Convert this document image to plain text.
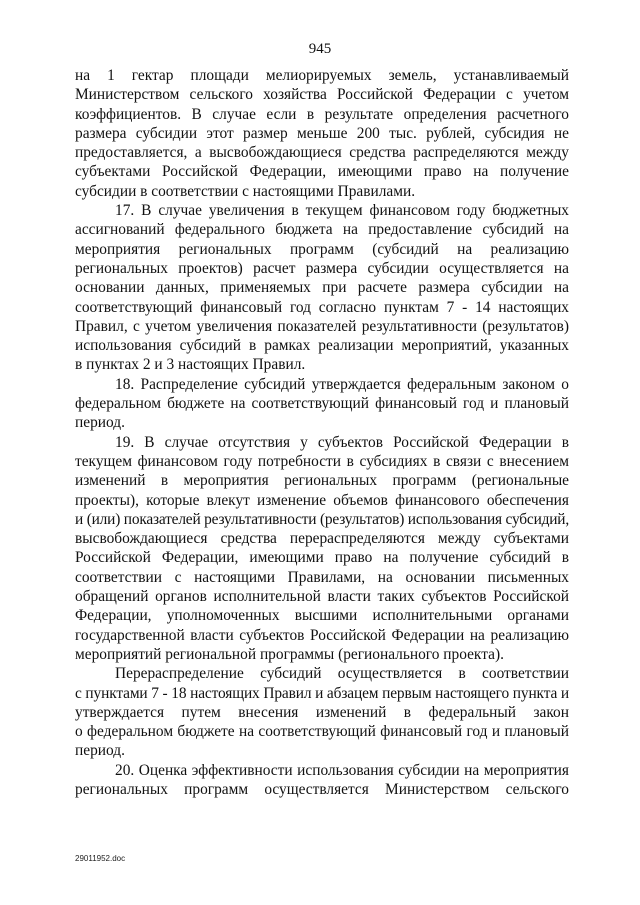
945
на 1 гектар площади мелиорируемых земель, устанавливаемый
Министерством сельского хозяйства Российской Федерации с учетом
коэффициентов. В случае если в результате определения расчетного
размера субсидии этот размер меньше 200 тыс. рублей, субсидия не
предоставляется, а высвобождающиеся средства распределяются между
субъектами Российской Федерации, имеющими право на получение
субсидии в соответствии с настоящими Правилами.
17. В случае увеличения в текущем финансовом году бюджетных
ассигнований федерального бюджета на предоставление субсидий на
мероприятия региональных программ (субсидий на реализацию
региональных проектов) расчет размера субсидии осуществляется на
основании данных, применяемых при расчете размера субсидии на
соответствующий финансовый год согласно пунктам 7 - 14 настоящих
Правил, с учетом увеличения показателей результативности (результатов)
использования субсидий в рамках реализации мероприятий, указанных
в пунктах 2 и 3 настоящих Правил.
18. Распределение субсидий утверждается федеральным законом о
федеральном бюджете на соответствующий финансовый год и плановый
период.
19. В случае отсутствия у субъектов Российской Федерации в
текущем финансовом году потребности в субсидиях в связи с внесением
изменений в мероприятия региональных программ (региональные
проекты), которые влекут изменение объемов финансового обеспечения
и (или) показателей результативности (результатов) использования субсидий,
высвобождающиеся средства перераспределяются между субъектами
Российской Федерации, имеющими право на получение субсидий в
соответствии с настоящими Правилами, на основании письменных
обращений органов исполнительной власти таких субъектов Российской
Федерации, уполномоченных высшими исполнительными органами
государственной власти субъектов Российской Федерации на реализацию
мероприятий региональной программы (регионального проекта).
Перераспределение субсидий осуществляется в соответствии
с пунктами 7 - 18 настоящих Правил и абзацем первым настоящего пункта и
утверждается путем внесения изменений в федеральный закон
о федеральном бюджете на соответствующий финансовый год и плановый
период.
20. Оценка эффективности использования субсидии на мероприятия
региональных программ осуществляется Министерством сельского
29011952.doc
